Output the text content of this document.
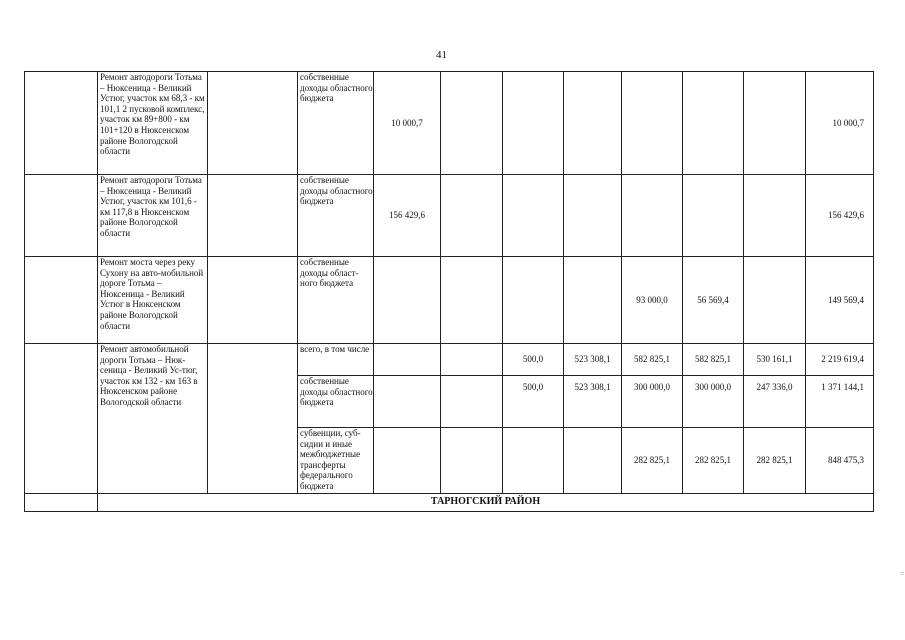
41
	Ремонт автодороги Тотьма – Нюксеница - Великий Устюг, участок км 68,3 - км 101,1 2 пусковой комплекс, участок км 89+800 - км 101+120 в Нюксенском районе Вологодской области		собственные доходы областного бюджета	10 000,7							10 000,7
	Ремонт автодороги Тотьма – Нюксеница - Великий Устюг, участок км 101,6 - км 117,8 в Нюксенском районе Вологодской области		собственные доходы областного бюджета	156 429,6							156 429,6
	Ремонт моста через реку Сухону на авто-мобильной дороге Тотьма – Нюксеница - Великий Устюг в Нюксенском районе Вологодской области		собственные доходы област-ного бюджета					93 000,0	56 569,4		149 569,4
	Ремонт автомобильной дороги Тотьма – Нюк-сеница - Великий Ус-тюг, участок км 132 - км 163 в Нюксенском районе Вологодской области		всего, в том числе			500,0	523 308,1	582 825,1	582 825,1	530 161,1	2 219 619,4
			собственные доходы областного бюджета			500,0	523 308,1	300 000,0	300 000,0	247 336,0	1 371 144,1
			субвенции, суб-сидии и иные межбюджетные трансферты федерального бюджета					282 825,1	282 825,1	282 825,1	848 475,3
	ТАРНОГСКИЙ РАЙОН										
=
